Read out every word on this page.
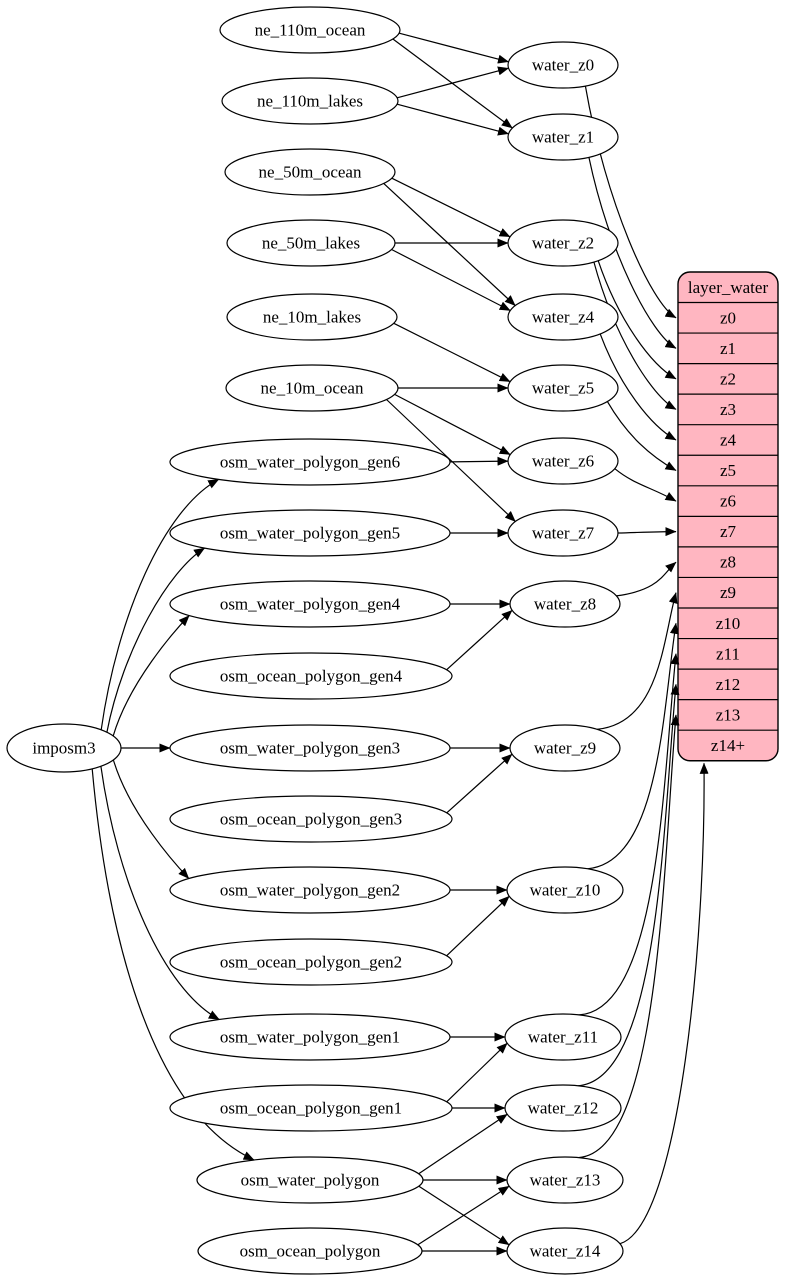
layer_water
z0
z1
z2
z3
z4
z5
z6
z7
z8
z9
z10
z11
z12
z13
z14+
imposm3
ne_110m_ocean
ne_110m_lakes
ne_50m_ocean
ne_50m_lakes
ne_10m_lakes
ne_10m_ocean
osm_water_polygon_gen6
osm_water_polygon_gen5
osm_water_polygon_gen4
osm_ocean_polygon_gen4
osm_water_polygon_gen3
osm_ocean_polygon_gen3
osm_water_polygon_gen2
osm_ocean_polygon_gen2
osm_water_polygon_gen1
osm_ocean_polygon_gen1
osm_water_polygon
osm_ocean_polygon
water_z0
water_z1
water_z2
water_z4
water_z5
water_z6
water_z7
water_z8
water_z9
water_z10
water_z11
water_z12
water_z13
water_z14
